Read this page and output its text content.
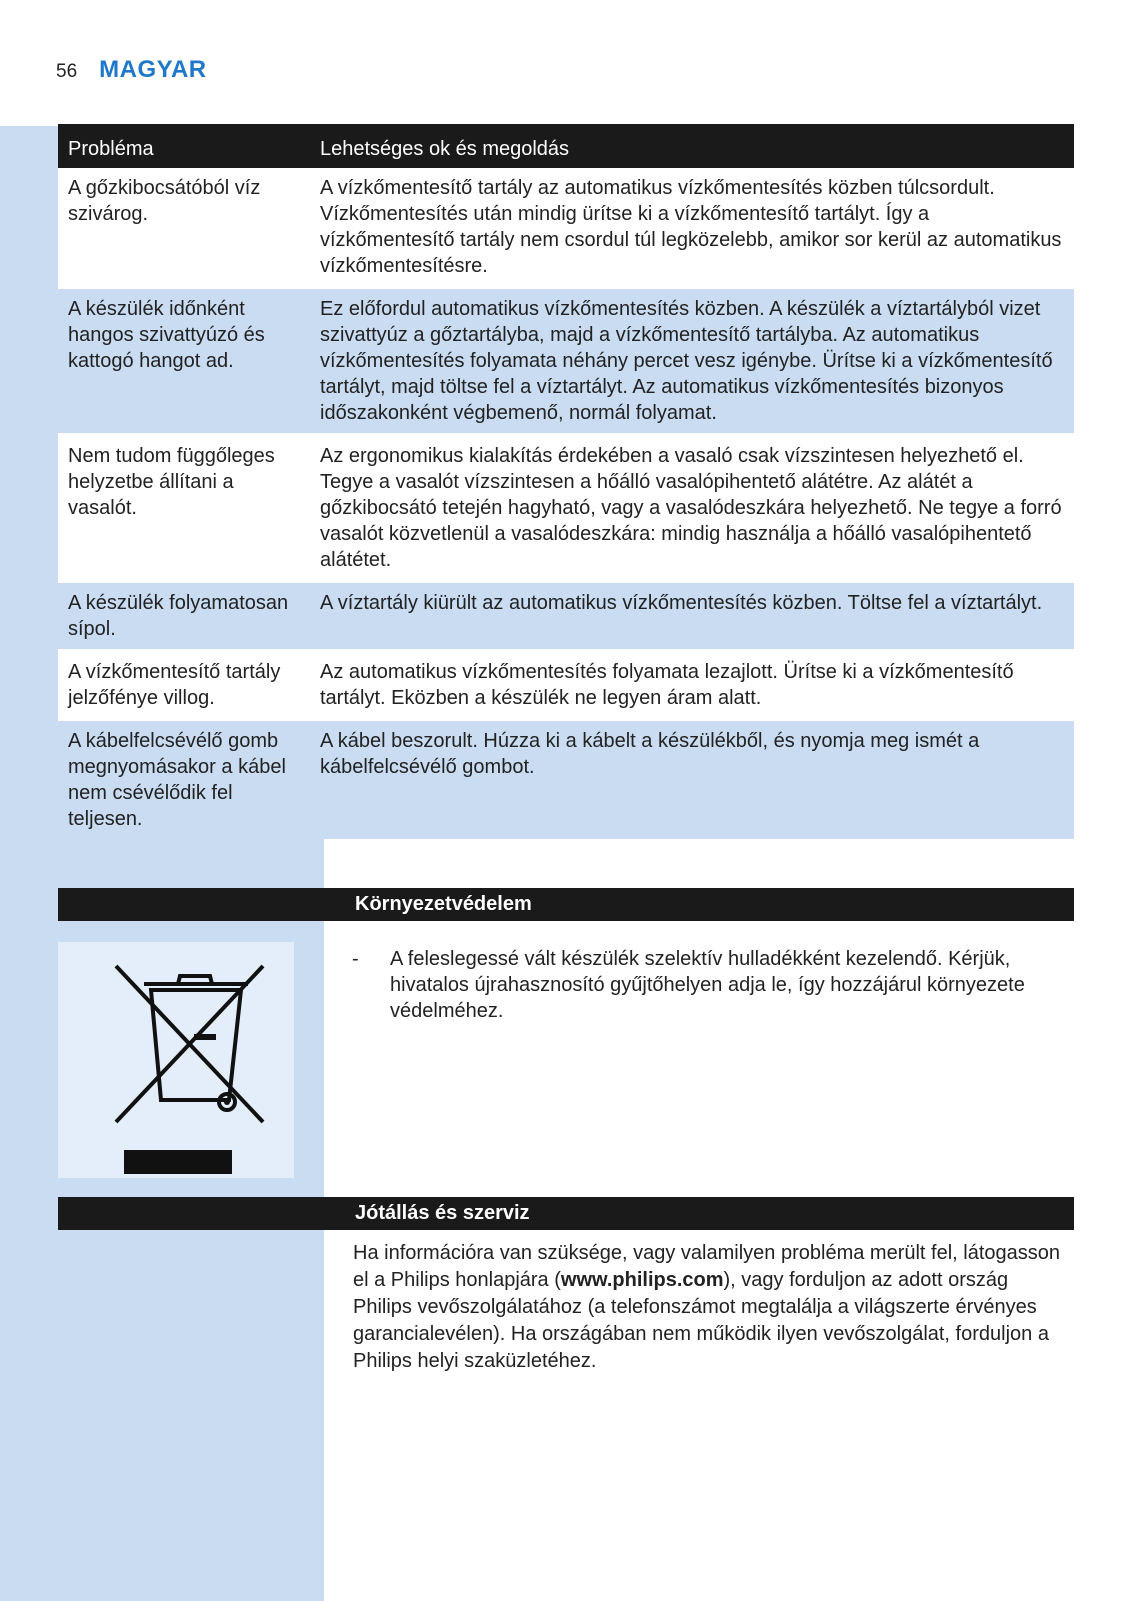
56 MAGYAR
Probléma	Lehetséges ok és megoldás
A gőzkibocsátóból víz szivárog.	A vízkőmentesítő tartály az automatikus vízkőmentesítés közben túlcsordult. Vízkőmentesítés után mindig ürítse ki a vízkőmentesítő tartályt. Így a vízkőmentesítő tartály nem csordul túl legközelebb, amikor sor kerül az automatikus vízkőmentesítésre.
A készülék időnként hangos szivattyúzó és kattogó hangot ad.	Ez előfordul automatikus vízkőmentesítés közben. A készülék a víztartályból vizet szivattyúz a gőztartályba, majd a vízkőmentesítő tartályba. Az automatikus vízkőmentesítés folyamata néhány percet vesz igénybe. Ürítse ki a vízkőmentesítő tartályt, majd töltse fel a víztartályt. Az automatikus vízkőmentesítés bizonyos időszakonként végbemenő, normál folyamat.
Nem tudom függőleges helyzetbe állítani a vasalót.	Az ergonomikus kialakítás érdekében a vasaló csak vízszintesen helyezhető el. Tegye a vasalót vízszintesen a hőálló vasalópihentető alátétre. Az alátét a gőzkibocsátó tetején hagyható, vagy a vasalódeszkára helyezhető. Ne tegye a forró vasalót közvetlenül a vasalódeszkára: mindig használja a hőálló vasalópihentető alátétet.
A készülék folyamatosan sípol.	A víztartály kiürült az automatikus vízkőmentesítés közben. Töltse fel a víztartályt.
A vízkőmentesítő tartály jelzőfénye villog.	Az automatikus vízkőmentesítés folyamata lezajlott. Ürítse ki a vízkőmentesítő tartályt. Eközben a készülék ne legyen áram alatt.
A kábelfelcsévélő gomb megnyomásakor a kábel nem csévélődik fel teljesen.	A kábel beszorult. Húzza ki a kábelt a készülékből, és nyomja meg ismét a kábelfelcsévélő gombot.
Környezetvédelem
-	A feleslegessé vált készülék szelektív hulladékként kezelendő. Kérjük, hivatalos újrahasznosító gyűjtőhelyen adja le, így hozzájárul környezete védelméhez.
Jótállás és szerviz
Ha információra van szüksége, vagy valamilyen probléma merült fel, látogasson el a Philips honlapjára (www.philips.com), vagy forduljon az adott ország Philips vevőszolgálatához (a telefonszámot megtalálja a világszerte érvényes garancialevélen). Ha országában nem működik ilyen vevőszolgálat, forduljon a Philips helyi szaküzletéhez.
